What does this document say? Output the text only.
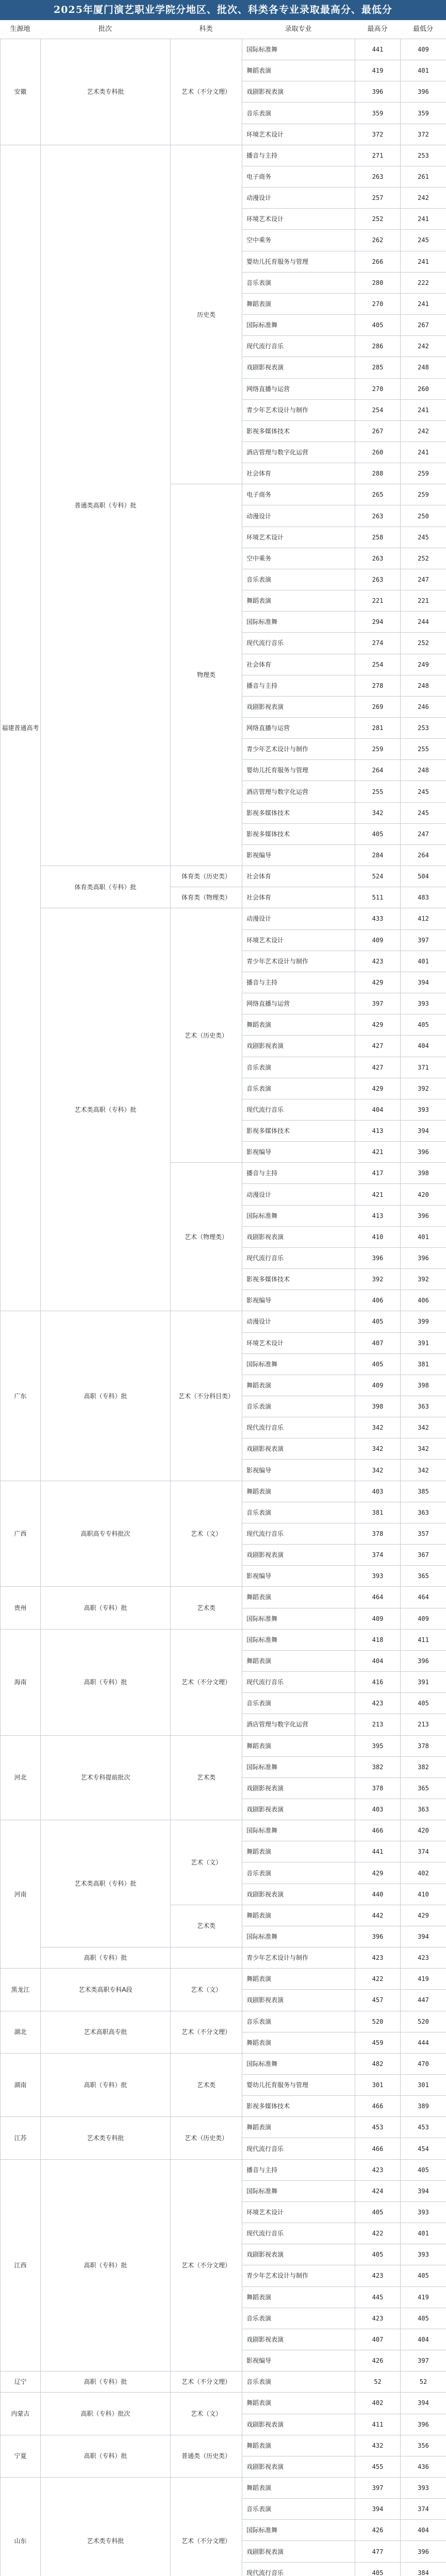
2025年厦门演艺职业学院分地区、批次、科类各专业录取最高分、最低分
生源地	批次	科类	录取专业	最高分	最低分
安徽	艺术类专科批	艺术（不分文理）	国际标准舞	441	409
			舞蹈表演	419	401
			戏剧影视表演	396	396
			音乐表演	359	359
			环境艺术设计	372	372
福建普通高考	普通类高职（专科）批	历史类	播音与主持	271	253
			电子商务	263	261
			动漫设计	257	242
			环境艺术设计	252	241
			空中乘务	262	245
			婴幼儿托育服务与管理	266	241
			音乐表演	280	222
			舞蹈表演	270	241
			国际标准舞	405	267
			现代流行音乐	286	242
			戏剧影视表演	285	248
			网络直播与运营	270	260
			青少年艺术设计与制作	254	241
			影视多媒体技术	267	242
			酒店管理与数字化运营	260	241
			社会体育	288	259
		物理类	电子商务	265	259
			动漫设计	263	250
			环境艺术设计	258	245
			空中乘务	263	252
			音乐表演	263	247
			舞蹈表演	221	221
			国际标准舞	294	244
			现代流行音乐	274	252
			社会体育	254	249
			播音与主持	278	248
			戏剧影视表演	269	246
			网络直播与运营	281	253
			青少年艺术设计与制作	259	255
			婴幼儿托育服务与管理	264	248
			酒店管理与数字化运营	255	245
			影视多媒体技术	342	245
			影视多媒体技术	405	247
			影视编导	284	264
	体育类高职（专科）批	体育类（历史类）	社会体育	524	504
		体育类（物理类）	社会体育	511	483
	艺术类高职（专科）批	艺术（历史类）	动漫设计	433	412
			环境艺术设计	409	397
			青少年艺术设计与制作	423	401
			播音与主持	429	394
			网络直播与运营	397	393
			舞蹈表演	429	405
			戏剧影视表演	427	404
			音乐表演	427	371
			音乐表演	429	392
			现代流行音乐	404	393
			影视多媒体技术	413	394
			影视编导	421	396
		艺术（物理类）	播音与主持	417	398
			动漫设计	421	420
			国际标准舞	413	396
			戏剧影视表演	410	401
			现代流行音乐	396	396
			影视多媒体技术	392	392
			影视编导	406	406
广东	高职（专科）批	艺术（不分科目类）	动漫设计	405	399
			环境艺术设计	407	391
			国际标准舞	405	381
			舞蹈表演	409	398
			音乐表演	398	363
			现代流行音乐	342	342
			戏剧影视表演	342	342
			影视编导	342	342
广西	高职高专专科批次	艺术（文）	舞蹈表演	403	385
			音乐表演	381	363
			现代流行音乐	378	357
			戏剧影视表演	374	367
			影视编导	393	365
贵州	高职（专科）批	艺术类	舞蹈表演	464	464
			国际标准舞	409	409
海南	高职（专科）批	艺术（不分文理）	国际标准舞	418	411
			舞蹈表演	404	396
			现代流行音乐	416	391
			音乐表演	423	405
			酒店管理与数字化运营	213	213
河北	艺术专科提前批次	艺术类	舞蹈表演	395	378
			国际标准舞	382	382
			戏剧影视表演	378	365
			戏剧影视表演	403	363
河南	艺术类高职（专科）批	艺术（文）	国际标准舞	466	420
			舞蹈表演	441	374
			音乐表演	429	402
			戏剧影视表演	440	410
		艺术类	舞蹈表演	442	429
			国际标准舞	396	394
	高职（专科）批		青少年艺术设计与制作	423	423
黑龙江	艺术类高职专科A段	艺术（文）	舞蹈表演	422	419
			戏剧影视表演	457	447
湖北	艺术高职高专批	艺术（不分文理）	音乐表演	520	520
			舞蹈表演	459	444
湖南	高职（专科）批	艺术类	国际标准舞	482	470
			婴幼儿托育服务与管理	301	301
			影视多媒体技术	466	389
江苏	艺术类专科批	艺术（历史类）	舞蹈表演	453	453
			现代流行音乐	466	454
江西	高职（专科）批	艺术（不分文理）	播音与主持	423	405
			国际标准舞	424	394
			环境艺术设计	405	393
			现代流行音乐	422	401
			戏剧影视表演	405	393
			青少年艺术设计与制作	423	405
			舞蹈表演	445	419
			音乐表演	423	405
			戏剧影视表演	407	404
			影视编导	426	397
辽宁	高职（专科）批	艺术（不分文理）	音乐表演	52	52
内蒙古	高职（专科）批次	艺术（文）	舞蹈表演	402	394
			戏剧影视表演	411	396
宁夏	高职（专科）批	普通类（历史类）	舞蹈表演	432	356
			戏剧影视表演	455	436
山东	艺术类专科批	艺术（不分文理）	舞蹈表演	397	393
			音乐表演	394	374
			国际标准舞	426	404
			戏剧影视表演	477	396
			现代流行音乐	405	384
